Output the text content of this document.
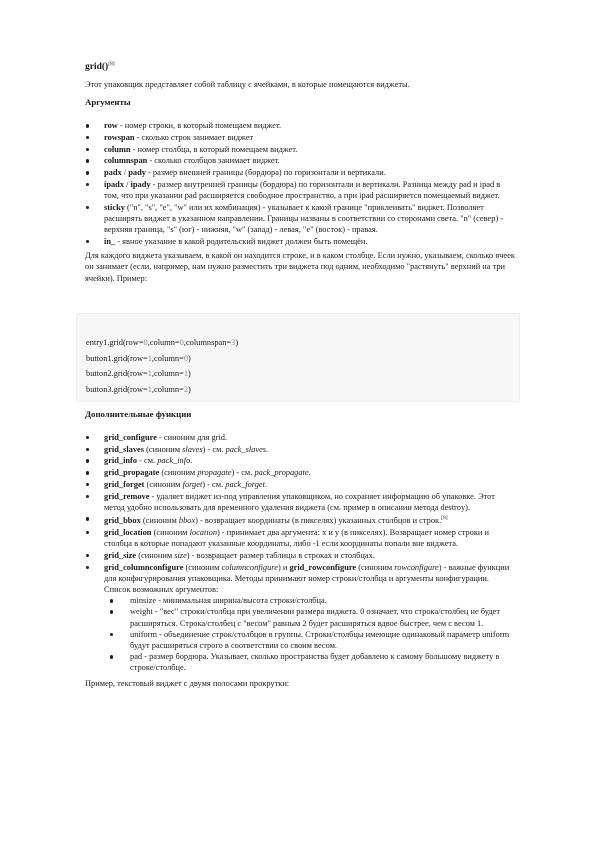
grid()[8]
Этот упаковщик представляет собой таблицу с ячейками, в которые помещаются виджеты.
Аргументы
row - номер строки, в который помещаем виджет.
rowspan - сколько строк занимает виджет
column - номер столбца, в который помещаем виджет.
columnspan - сколько столбцов занимает виджет.
padx / pady - размер внешней границы (бордюра) по горизонтали и вертикали.
ipadx / ipady - размер внутренней границы (бордюра) по горизонтали и вертикали. Разница между pad и ipad в том, что при указании pad расширяется свободное пространство, а при ipad расширяется помещаемый виджет.
sticky ("n", "s", "e", "w" или их комбинация) - указывает к какой границе "приклеивать" виджет. Позволяет расширять виджет в указанном направлении. Границы названы в соответствии со сторонами света. "n" (север) - верхняя граница, "s" (юг) - нижняя, "w" (запад) - левая, "e" (восток) - правая.
in_ - явное указание в какой родительский виджет должен быть помещён.
Для каждого виджета указываем, в какой он находится строке, и в каком столбце. Если нужно, указываем, сколько ячеек он занимает (если, например, нам нужно разместить три виджета под одним, необходимо "растянуть" верхний на три ячейки). Пример:
entry1.grid(row=0,column=0,columnspan=3)
button1.grid(row=1,column=0)
button2.grid(row=1,column=1)
button3.grid(row=1,column=2)
Дополнительные функции
grid_configure - синоним для grid.
grid_slaves (синоним slaves) - см. pack_slaves.
grid_info - см. pack_info.
grid_propagate (синоним propagate) - см. pack_propagate.
grid_forget (синоним forget) - см. pack_forget.
grid_remove - удаляет виджет из-под управления упаковщиком, но сохраняет информацию об упаковке. Этот метод удобно использовать для временного удаления виджета (см. пример в описании метода destroy).
grid_bbox (синоним bbox) - возвращает координаты (в пикселях) указанных столбцов и строк.[8]
grid_location (синоним location) - принимает два аргумента: x и y (в пикселях). Возвращает номер строки и столбца в которые попадают указанные координаты, либо -1 если координаты попали вне виджета.
grid_size (синоним size) - возвращает размер таблицы в строках и столбцах.
grid_columnconfigure (синоним columnconfigure) и grid_rowconfigure (синоним rowconfigure) - важные функции для конфигурирования упаковщика. Методы принимают номер строки/столбца и аргументы конфигурации. Список возможных аргументов:
minsize - минимальная ширина/высота строки/столбца.
weight - "вес" строки/столбца при увеличении размера виджета. 0 означает, что строка/столбец не будет расширяться. Строка/столбец с "весом" равным 2 будет расширяться вдвое быстрее, чем с весом 1.
uniform - объединение строк/столбцов в группы. Строки/столбцы имеющие одинаковый параметр uniform будут расширяться строго в соответствии со своим весом.
pad - размер бордюра. Указывает, сколько пространства будет добавлено к самому большому виджету в строке/столбце.
Пример, текстовый виджет с двумя полосами прокрутки:
